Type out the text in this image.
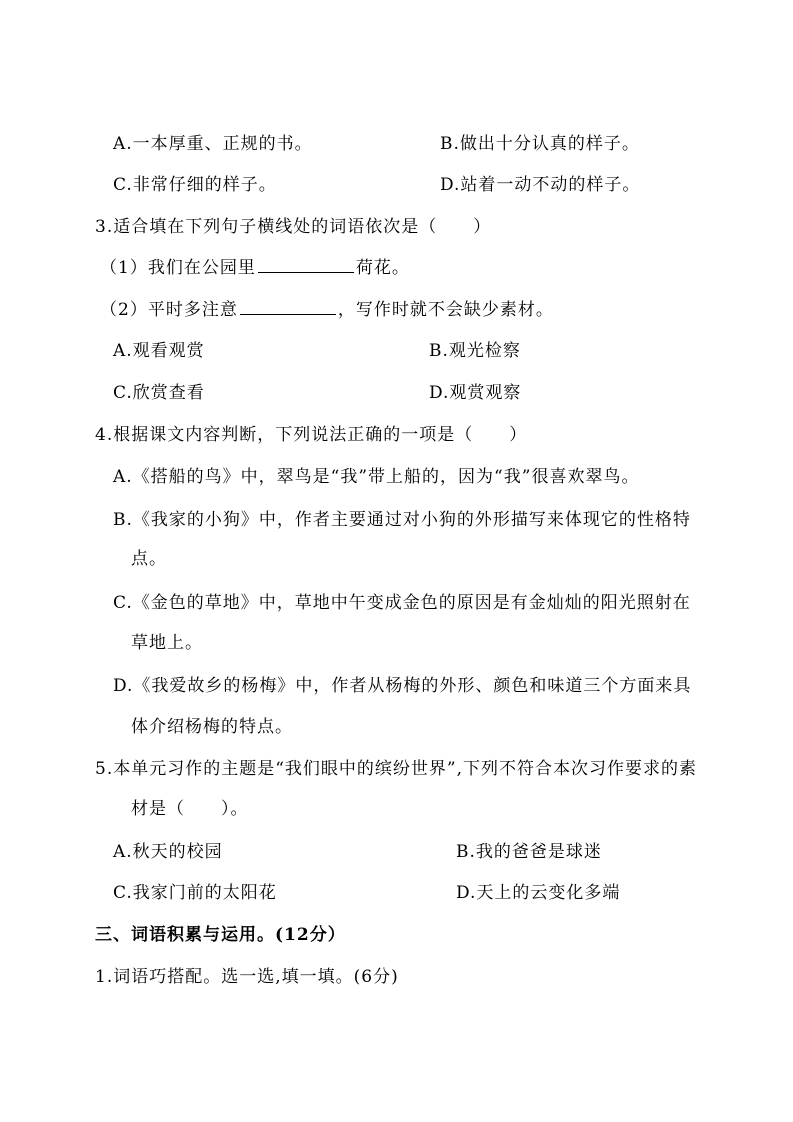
A.一本厚重、正规的书。	B.做出十分认真的样子。
C.非常仔细的样子。	D.站着一动不动的样子。
3.适合填在下列句子横线处的词语依次是（　　）
（1）我们在公园里	荷花。
（2）平时多注意	，写作时就不会缺少素材。
A.观看观赏	B.观光检察
C.欣赏查看	D.观赏观察
4.根据课文内容判断，下列说法正确的一项是（　　）
A.《搭船的鸟》中，翠鸟是“我”带上船的，因为“我”很喜欢翠鸟。
B.《我家的小狗》中，作者主要通过对小狗的外形描写来体现它的性格特
点。
C.《金色的草地》中，草地中午变成金色的原因是有金灿灿的阳光照射在
草地上。
D.《我爱故乡的杨梅》中，作者从杨梅的外形、颜色和味道三个方面来具
体介绍杨梅的特点。
5.本单元习作的主题是“我们眼中的缤纷世界”,下列不符合本次习作要求的素
材是（　　）。
A.秋天的校园	B.我的爸爸是球迷
C.我家门前的太阳花	D.天上的云变化多端
三、词语积累与运用。(12分）
1.词语巧搭配。选一选,填一填。(6分)
